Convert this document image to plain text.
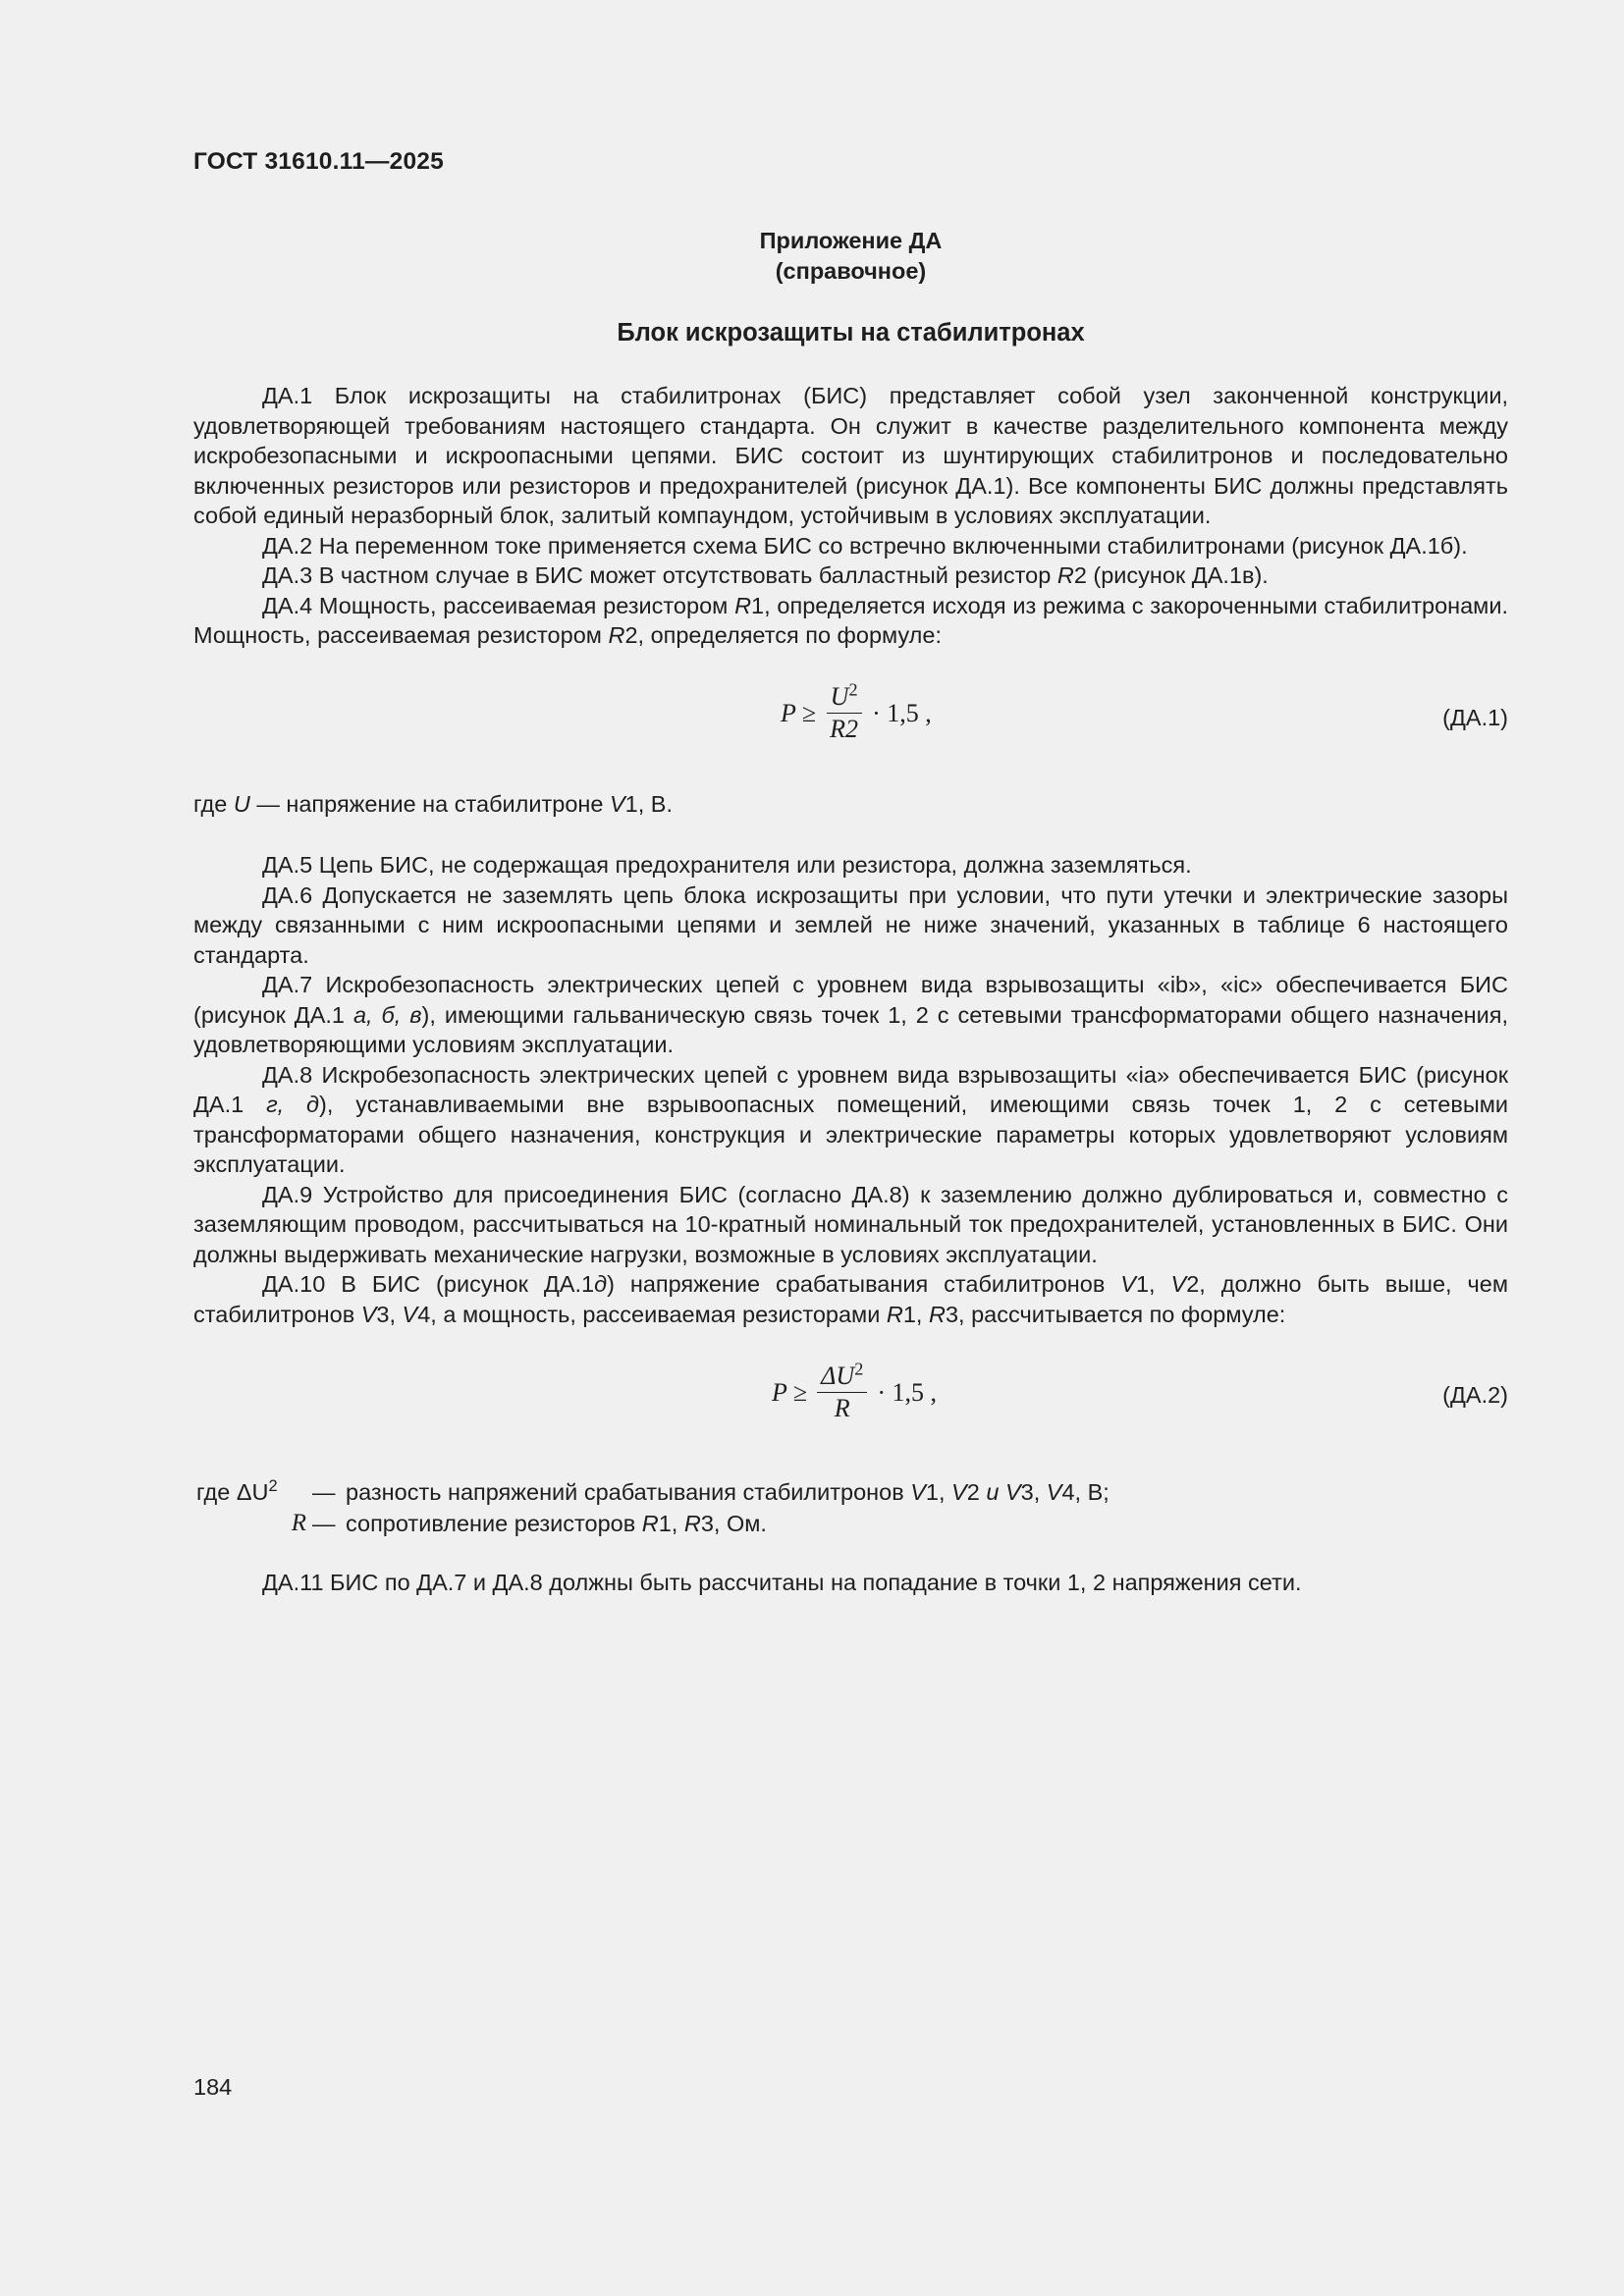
ГОСТ 31610.11—2025
Приложение ДА
(справочное)
Блок искрозащиты на стабилитронах

ДА.1 Блок искрозащиты на стабилитронах (БИС) представляет собой узел законченной конструкции, удовлетворяющей требованиям настоящего стандарта. Он служит в качестве разделительного компонента между искробезопасными и искроопасными цепями. БИС состоит из шунтирующих стабилитронов и последовательно включенных резисторов или резисторов и предохранителей (рисунок ДА.1). Все компоненты БИС должны представлять собой единый неразборный блок, залитый компаундом, устойчивым в условиях эксплуатации.

ДА.2 На переменном токе применяется схема БИС со встречно включенными стабилитронами (рисунок ДА.1б).

ДА.3 В частном случае в БИС может отсутствовать балластный резистор R2 (рисунок ДА.1в).

ДА.4 Мощность, рассеиваемая резистором R1, определяется исходя из режима с закороченными стабилитронами. Мощность, рассеиваемая резистором R2, определяется по формуле:

$P \ge \frac{U^2}{R2} \cdot 1,5$ ,	(ДА.1)
где U — напряжение на стабилитроне V1, В.

ДА.5 Цепь БИС, не содержащая предохранителя или резистора, должна заземляться.

ДА.6 Допускается не заземлять цепь блока искрозащиты при условии, что пути утечки и электрические зазоры между связанными с ним искроопасными цепями и землей не ниже значений, указанных в таблице 6 настоящего стандарта.

ДА.7 Искробезопасность электрических цепей с уровнем вида взрывозащиты «ib», «ic» обеспечивается БИС (рисунок ДА.1 а, б, в), имеющими гальваническую связь точек 1, 2 с сетевыми трансформаторами общего назначения, удовлетворяющими условиям эксплуатации.

ДА.8 Искробезопасность электрических цепей с уровнем вида взрывозащиты «ia» обеспечивается БИС (рисунок ДА.1 г, д), устанавливаемыми вне взрывоопасных помещений, имеющими связь точек 1, 2 с сетевыми трансформаторами общего назначения, конструкция и электрические параметры которых удовлетворяют условиям эксплуатации.

ДА.9 Устройство для присоединения БИС (согласно ДА.8) к заземлению должно дублироваться и, совместно с заземляющим проводом, рассчитываться на 10-кратный номинальный ток предохранителей, установленных в БИС. Они должны выдерживать механические нагрузки, возможные в условиях эксплуатации.

ДА.10 В БИС (рисунок ДА.1д) напряжение срабатывания стабилитронов V1, V2, должно быть выше, чем стабилитронов V3, V4, а мощность, рассеиваемая резисторами R1, R3, рассчитывается по формуле:

$P \ge \frac{\Delta U^2}{R} \cdot 1,5$ ,	(ДА.2)
где $\Delta U^2$	— разность напряжений срабатывания стабилитронов V1, V2 и V3, V4, В;
R — сопротивление резисторов R1, R3, Ом.

ДА.11 БИС по ДА.7 и ДА.8 должны быть рассчитаны на попадание в точки 1, 2 напряжения сети.

184
